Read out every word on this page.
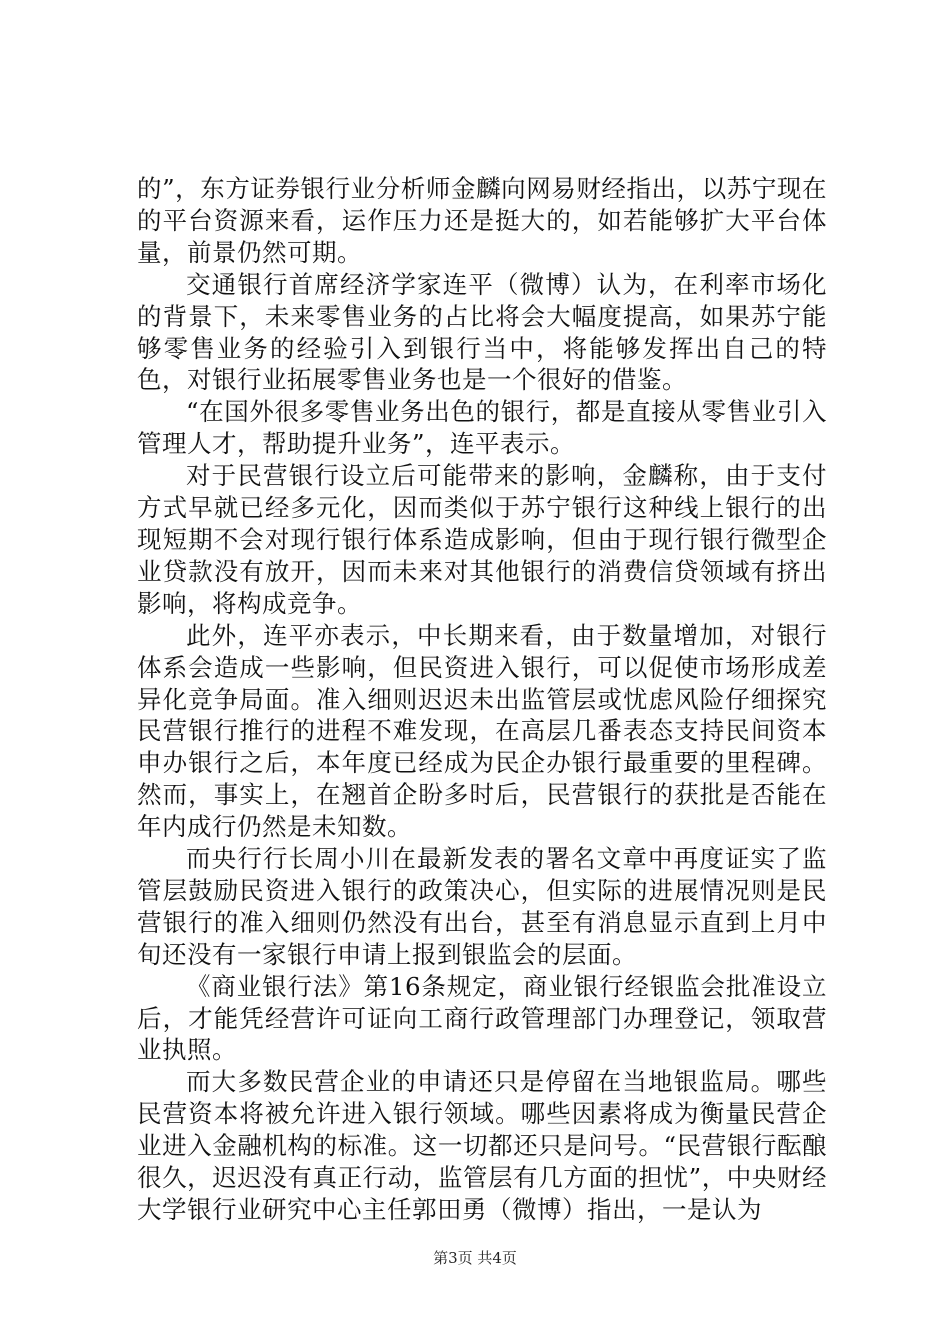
的”，东方证券银行业分析师金麟向网易财经指出，以苏宁现在的平台资源来看，运作压力还是挺大的，如若能够扩大平台体量，前景仍然可期。

交通银行首席经济学家连平（微博）认为，在利率市场化的背景下，未来零售业务的占比将会大幅度提高，如果苏宁能够零售业务的经验引入到银行当中，将能够发挥出自己的特色，对银行业拓展零售业务也是一个很好的借鉴。

“在国外很多零售业务出色的银行，都是直接从零售业引入管理人才，帮助提升业务”，连平表示。

对于民营银行设立后可能带来的影响，金麟称，由于支付方式早就已经多元化，因而类似于苏宁银行这种线上银行的出现短期不会对现行银行体系造成影响，但由于现行银行微型企业贷款没有放开，因而未来对其他银行的消费信贷领域有挤出影响，将构成竞争。

此外，连平亦表示，中长期来看，由于数量增加，对银行体系会造成一些影响，但民资进入银行，可以促使市场形成差异化竞争局面。准入细则迟迟未出监管层或忧虑风险仔细探究民营银行推行的进程不难发现，在高层几番表态支持民间资本申办银行之后，本年度已经成为民企办银行最重要的里程碑。然而，事实上，在翘首企盼多时后，民营银行的获批是否能在年内成行仍然是未知数。

而央行行长周小川在最新发表的署名文章中再度证实了监管层鼓励民资进入银行的政策决心，但实际的进展情况则是民营银行的准入细则仍然没有出台，甚至有消息显示直到上月中旬还没有一家银行申请上报到银监会的层面。

《商业银行法》第16条规定，商业银行经银监会批准设立后，才能凭经营许可证向工商行政管理部门办理登记，领取营业执照。

而大多数民营企业的申请还只是停留在当地银监局。哪些民营资本将被允许进入银行领域。哪些因素将成为衡量民营企业进入金融机构的标准。这一切都还只是问号。“民营银行酝酿很久，迟迟没有真正行动，监管层有几方面的担忧”，中央财经大学银行业研究中心主任郭田勇（微博）指出，一是认为

第3页 共4页
